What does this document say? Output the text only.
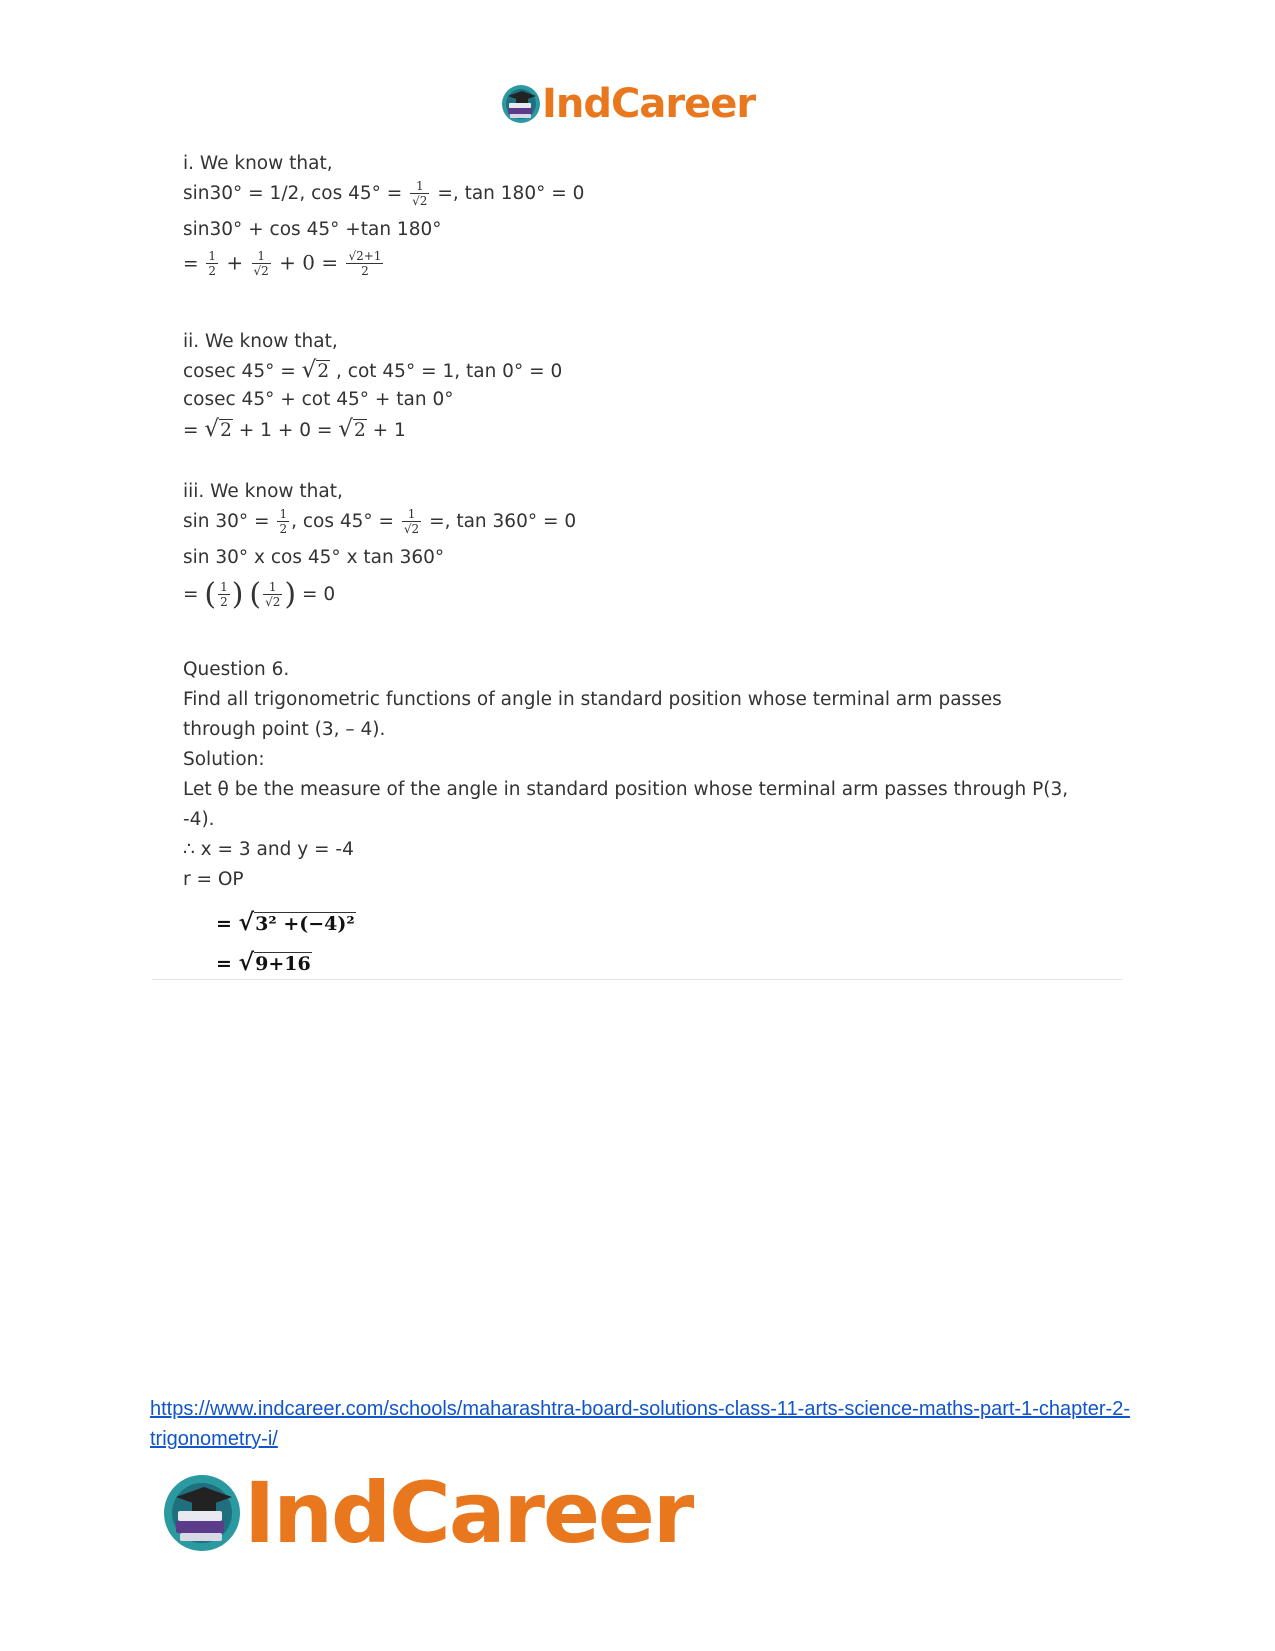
IndCareer
i. We know that,
sin30° = 1/2, $\cos 45^\circ = \frac{1}{√2}$ =, tan 180° = 0
sin30° + cos 45° +tan 180°
= $\frac{1}{2} + \frac{1}{√2} + 0 = \frac{√2+1}{2}$
ii. We know that,
cosec 45° = √2 , cot 45° = 1, tan 0° = 0
cosec 45° + cot 45° + tan 0°
= √2 + 1 + 0 = √2 + 1
iii. We know that,
$\sin 30^\circ = \frac{1}{2}$ , $\cos 45^\circ = \frac{1}{√2}$ =, tan 360° = 0
sin 30° x cos 45° x tan 360°
= ( $\frac{1}{2}$ ) ( $\frac{1}{√2}$ ) = 0
Question 6.
Find all trigonometric functions of angle in standard position whose terminal arm passes
through point (3, – 4).
Solution:
Let θ be the measure of the angle in standard position whose terminal arm passes through P(3,
-4).
∴ x = 3 and y = -4
r = OP
= √3² +(−4)²
= √9+16
https://www.indcareer.com/schools/maharashtra-board-solutions-class-11-arts-science-maths-part-1-chapter-2-trigonometry-i/
IndCareer
